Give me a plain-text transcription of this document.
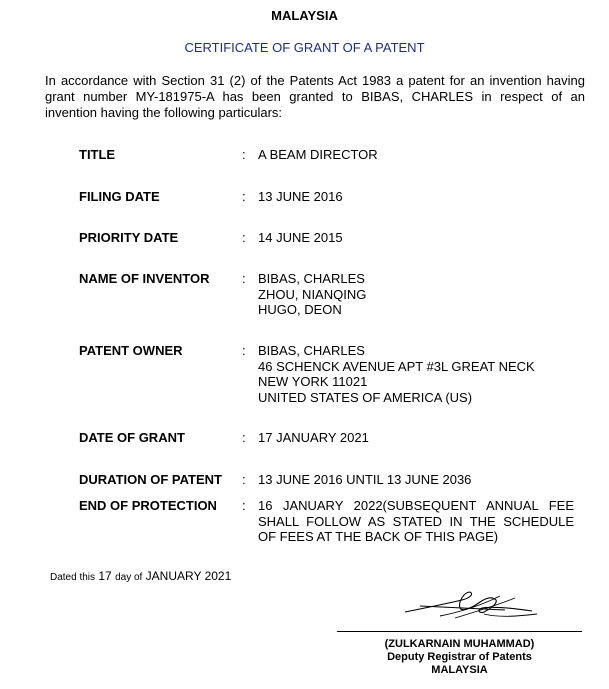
MALAYSIA
CERTIFICATE OF GRANT OF A PATENT
In accordance with Section 31 (2) of the Patents Act 1983 a patent for an invention having
grant number MY-181975-A has been granted to BIBAS, CHARLES in respect of an
invention having the following particulars:
TITLE	: A BEAM DIRECTOR
FILING DATE	: 13 JUNE 2016
PRIORITY DATE	: 14 JUNE 2015
NAME OF INVENTOR	: BIBAS, CHARLES
ZHOU, NIANQING
HUGO, DEON
PATENT OWNER	: BIBAS, CHARLES
46 SCHENCK AVENUE APT #3L GREAT NECK
NEW YORK 11021
UNITED STATES OF AMERICA (US)
DATE OF GRANT	: 17 JANUARY 2021
DURATION OF PATENT : 13 JUNE 2016 UNTIL 13 JUNE 2036
END OF PROTECTION : 16 JANUARY 2022(SUBSEQUENT ANNUAL FEE
SHALL FOLLOW AS STATED IN THE SCHEDULE
OF FEES AT THE BACK OF THIS PAGE)
Dated this 17 day of JANUARY 2021
(ZULKARNAIN MUHAMMAD)
Deputy Registrar of Patents
MALAYSIA
